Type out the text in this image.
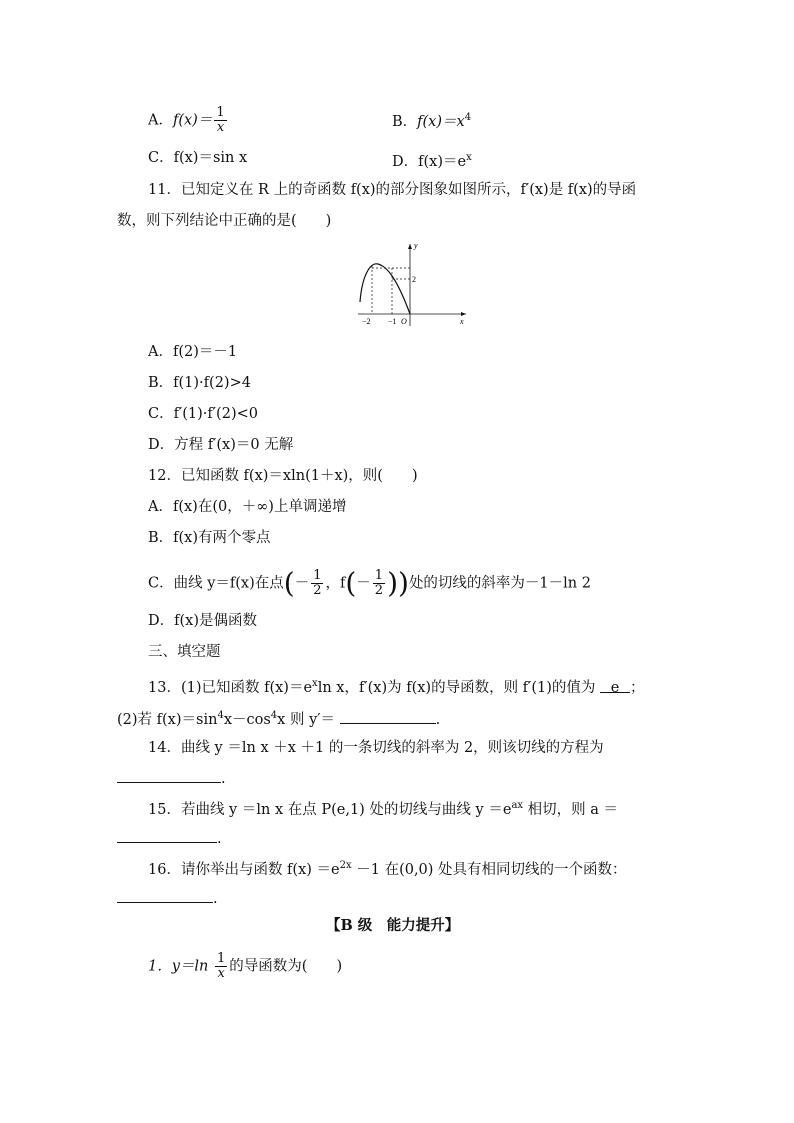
A．$f(x)= \frac{1}{x}$	B．$f(x)=x^4$
C．f(x)＝sin x	D．$f(x)=e^x$
11．已知定义在 R 上的奇函数 f(x)的部分图象如图所示，f′(x)是 f(x)的导函
数，则下列结论中正确的是(　　)
y
x
2
−2 −1 O
A．f(2)＝－1
B．f(1)·f(2)>4
C．f′(1)·f′(2)<0
D．方程 f′(x)＝0 无解
12．已知函数 f(x)＝xln(1＋x)，则(　　)
A．f(x)在(0，＋∞)上单调递增
B．f(x)有两个零点
C．曲线 y＝f(x)在点(－ $\frac{1}{2}$ ，$f(- \frac{1}{2}$ ))处的切线的斜率为－1－ln 2
D．f(x)是偶函数
三、填空题
13．(1)已知函数 $f(x)=e^x\ln$ x，f′(x)为 f(x)的导函数，则 f′(1)的值为 e ；
(2)若 $f(x)=\sin^4x-\cos^4x$ 则 y′＝	.
14．曲线 y ＝ln x ＋x ＋1 的一条切线的斜率为 2，则该切线的方程为
.
15．若曲线 y ＝ln x 在点 P(e,1) 处的切线与曲线 $y =e^{ax}$ 相切，则 a ＝
.
16．请你举出与函数 $f(x) =e^{2x} -1$ 在(0,0) 处具有相同切线的一个函数：
.
【B 级　能力提升】
1．$y=\ln \frac{1}{x}$ 的导函数为(　　)
